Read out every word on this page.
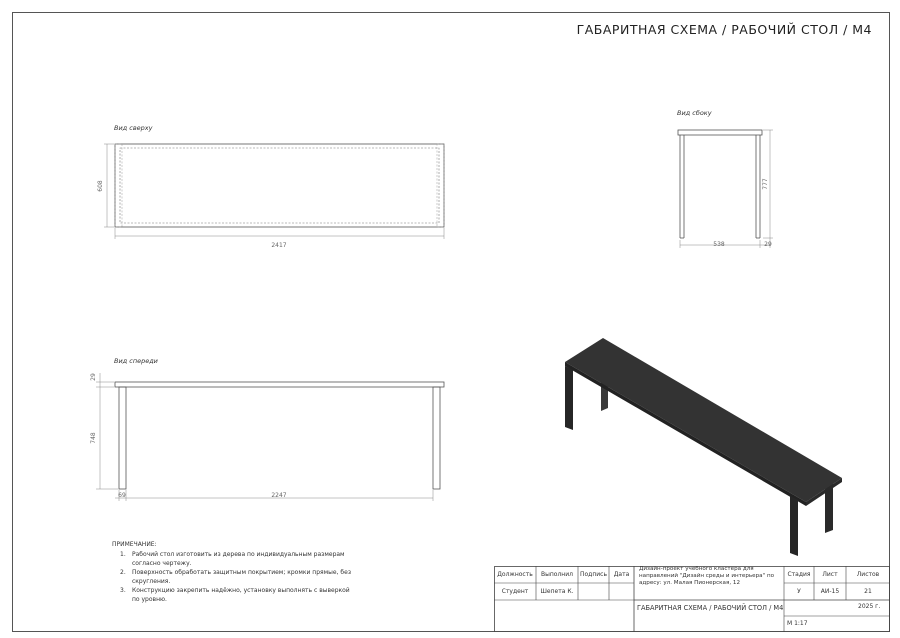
ГАБАРИТНАЯ СХЕМА / РАБОЧИЙ СТОЛ / М4
Вид сверху
Вид сбоку
Вид спереди
2417
608
538	29
777
29
748
69	2247
ПРИМЕЧАНИЕ:
1.	Рабочий стол изготовить из дерева по индивидуальным размерам согласно чертежу.
2.	Поверхность обработать защитным покрытием; кромки прямые, без скругления.
3.	Конструкцию закрепить надёжно, установку выполнять с выверкой по уровню.
Должность	Выполнил	Подпись	Дата
Студент	Шепета К.
Дизайн-проект учебного кластера для направлений "Дизайн среды и интерьера" по адресу: ул. Малая Пионерская, 12
Стадия	Лист	Листов
У	АИ-15	21
ГАБАРИТНАЯ СХЕМА / РАБОЧИЙ СТОЛ / М4	2025 г.
М 1:17
